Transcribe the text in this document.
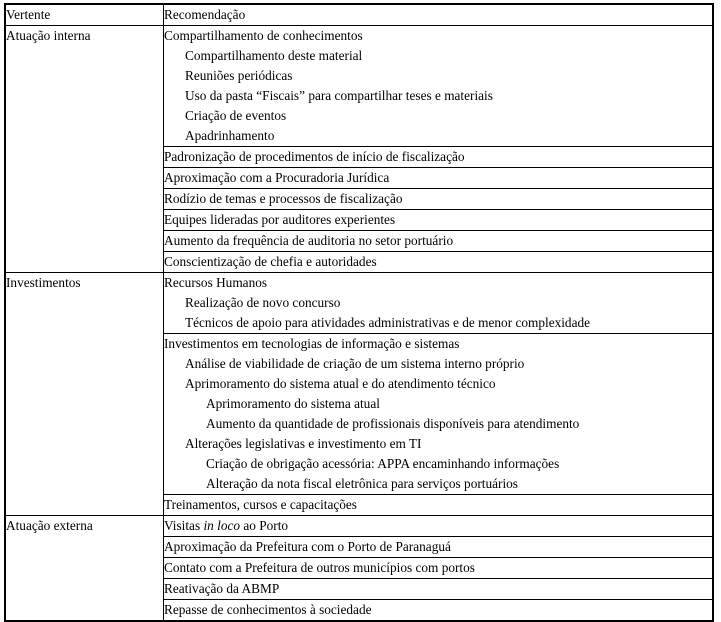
Vertente	Recomendação

Atuação interna	Compartilhamento de conhecimentos
Compartilhamento deste material
Reuniões periódicas
Uso da pasta “Fiscais” para compartilhar teses e materiais
Criação de eventos
Apadrinhamento

	Padronização de procedimentos de início de fiscalização

	Aproximação com a Procuradoria Jurídica

	Rodízio de temas e processos de fiscalização

	Equipes lideradas por auditores experientes

	Aumento da frequência de auditoria no setor portuário

	Conscientização de chefia e autoridades

Investimentos	Recursos Humanos
Realização de novo concurso
Técnicos de apoio para atividades administrativas e de menor complexidade

Investimentos em tecnologias de informação e sistemas
Análise de viabilidade de criação de um sistema interno próprio
Aprimoramento do sistema atual e do atendimento técnico
Aprimoramento do sistema atual
Aumento da quantidade de profissionais disponíveis para atendimento
Alterações legislativas e investimento em TI
Criação de obrigação acessória: APPA encaminhando informações
Alteração da nota fiscal eletrônica para serviços portuários

	Treinamentos, cursos e capacitações

Atuação externa	Visitas in loco ao Porto

	Aproximação da Prefeitura com o Porto de Paranaguá

	Contato com a Prefeitura de outros municípios com portos

	Reativação da ABMP

	Repasse de conhecimentos à sociedade
